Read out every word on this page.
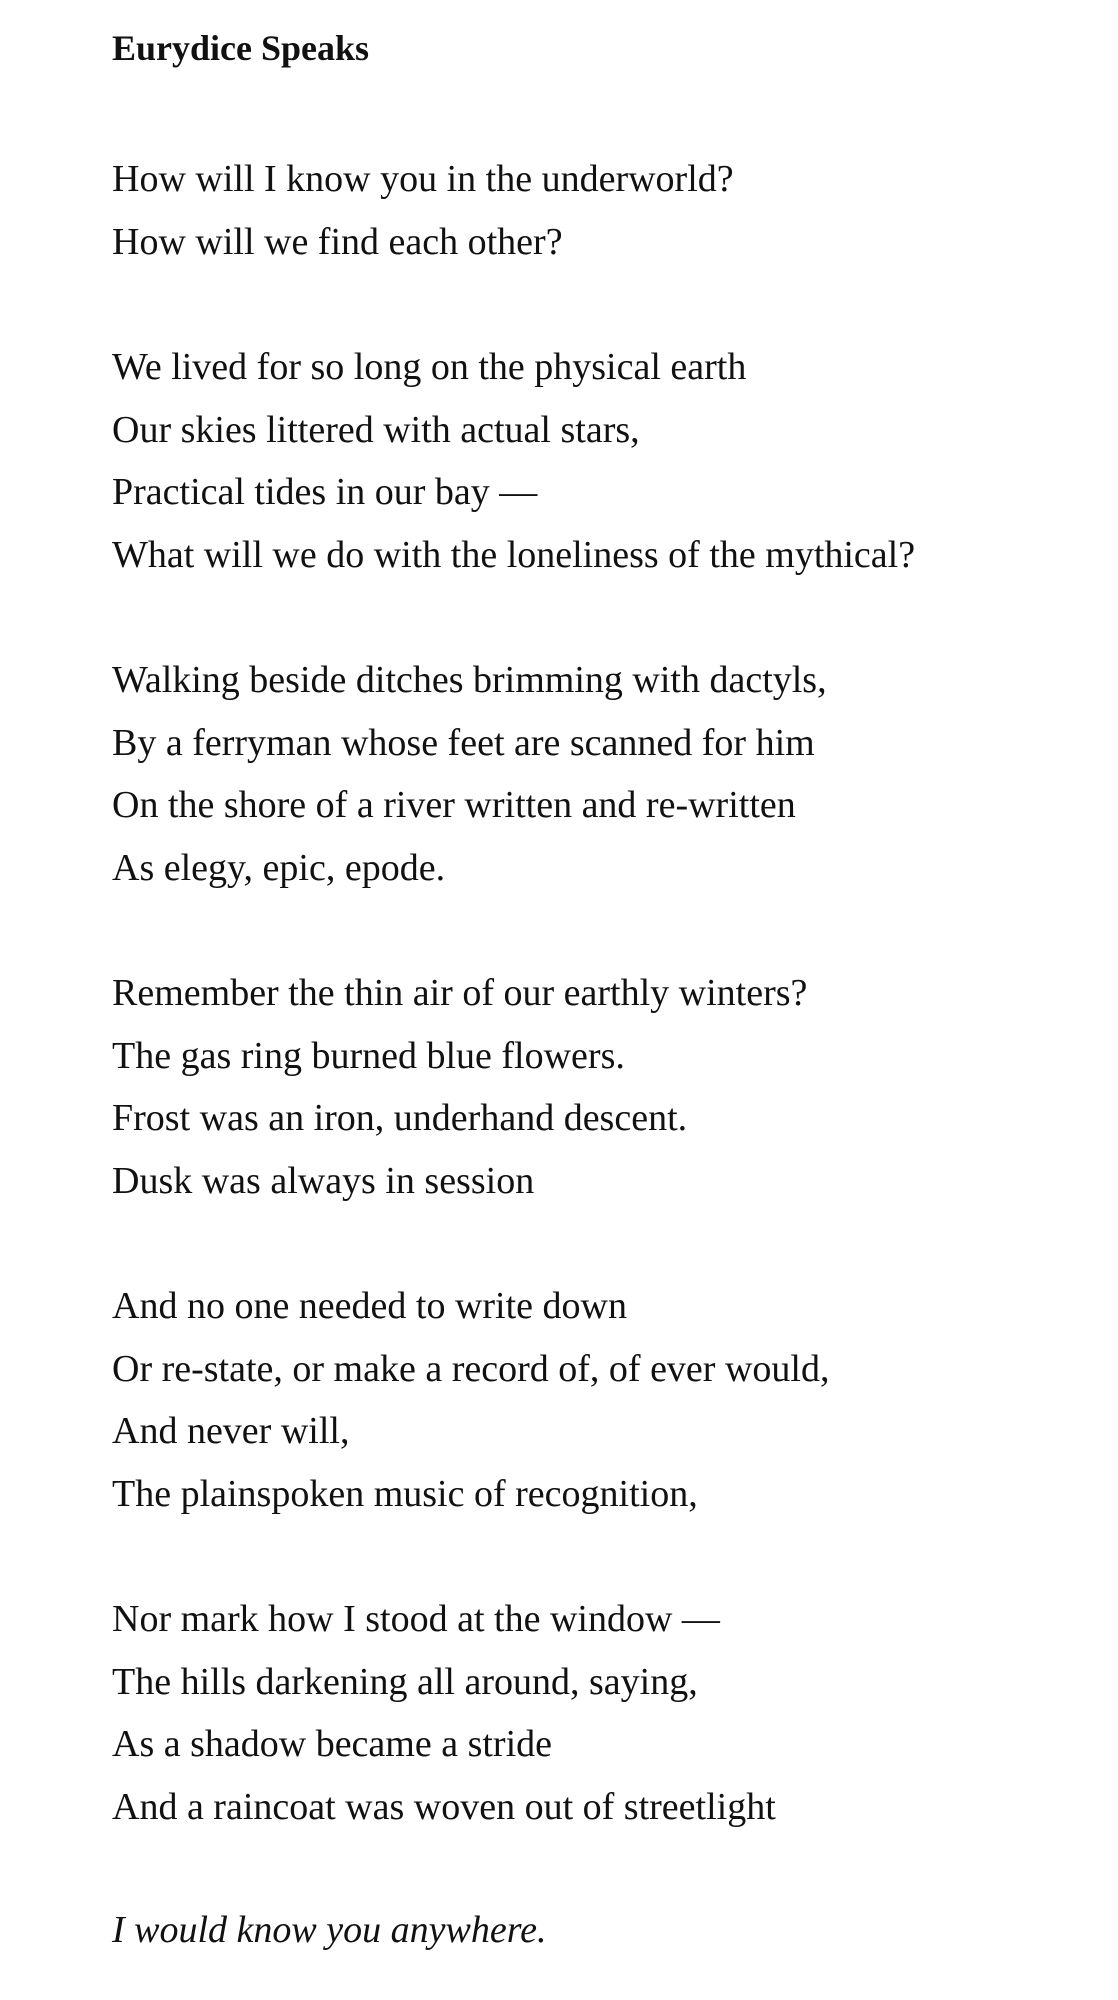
Eurydice Speaks
How will I know you in the underworld?
How will we find each other?
We lived for so long on the physical earth
Our skies littered with actual stars,
Practical tides in our bay —
What will we do with the loneliness of the mythical?
Walking beside ditches brimming with dactyls,
By a ferryman whose feet are scanned for him
On the shore of a river written and re-written
As elegy, epic, epode.
Remember the thin air of our earthly winters?
The gas ring burned blue flowers.
Frost was an iron, underhand descent.
Dusk was always in session
And no one needed to write down
Or re-state, or make a record of, of ever would,
And never will,
The plainspoken music of recognition,
Nor mark how I stood at the window —
The hills darkening all around, saying,
As a shadow became a stride
And a raincoat was woven out of streetlight
I would know you anywhere.
